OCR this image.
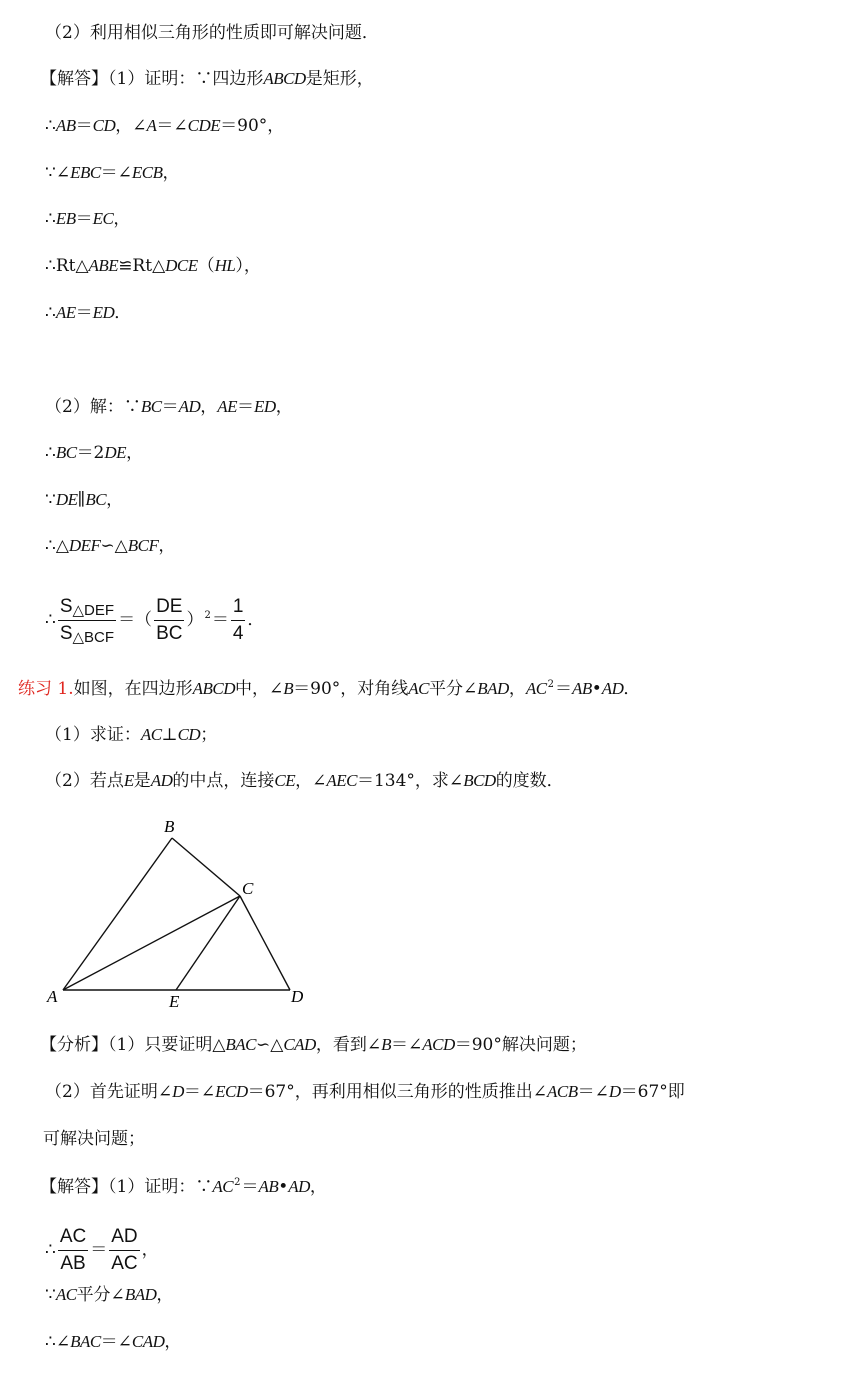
（2）利用相似三角形的性质即可解决问题．
【解答】（1）证明：∵四边形ABCD是矩形，
∴AB＝CD，∠A＝∠CDE＝90°，
∵∠EBC＝∠ECB，
∴EB＝EC，
∴Rt△ABE≌Rt△DCE（HL），
∴AE＝ED．
（2）解：∵BC＝AD，AE＝ED，
∴BC＝2DE，
∵DE∥BC，
∴△DEF∽△BCF，
∴ $\frac{S_{\triangle DEF}}{S_{\triangle BCF}}$ ＝（ $\frac{DE}{BC} )^2= \frac{1}{4}$ ．
练习 1.如图，在四边形ABCD中，∠B＝90°，对角线AC平分∠BAD，$AC^2=AB•AD$．
（1）求证：AC⊥CD；
（2）若点E是AD的中点，连接CE，∠AEC＝134°，求∠BCD的度数．
【分析】（1）只要证明△BAC∽△CAD，看到∠B＝∠ACD＝90°解决问题；
（2）首先证明∠D＝∠ECD＝67°，再利用相似三角形的性质推出∠ACB＝∠D＝67°即
可解决问题；
【解答】（1）证明：$\because AC^2=AB•AD$，
∴ $\frac{AC}{AB} = \frac{AD}{AC}$ ，
∵AC平分∠BAD，
∴∠BAC＝∠CAD，
B
C
A	E	D
